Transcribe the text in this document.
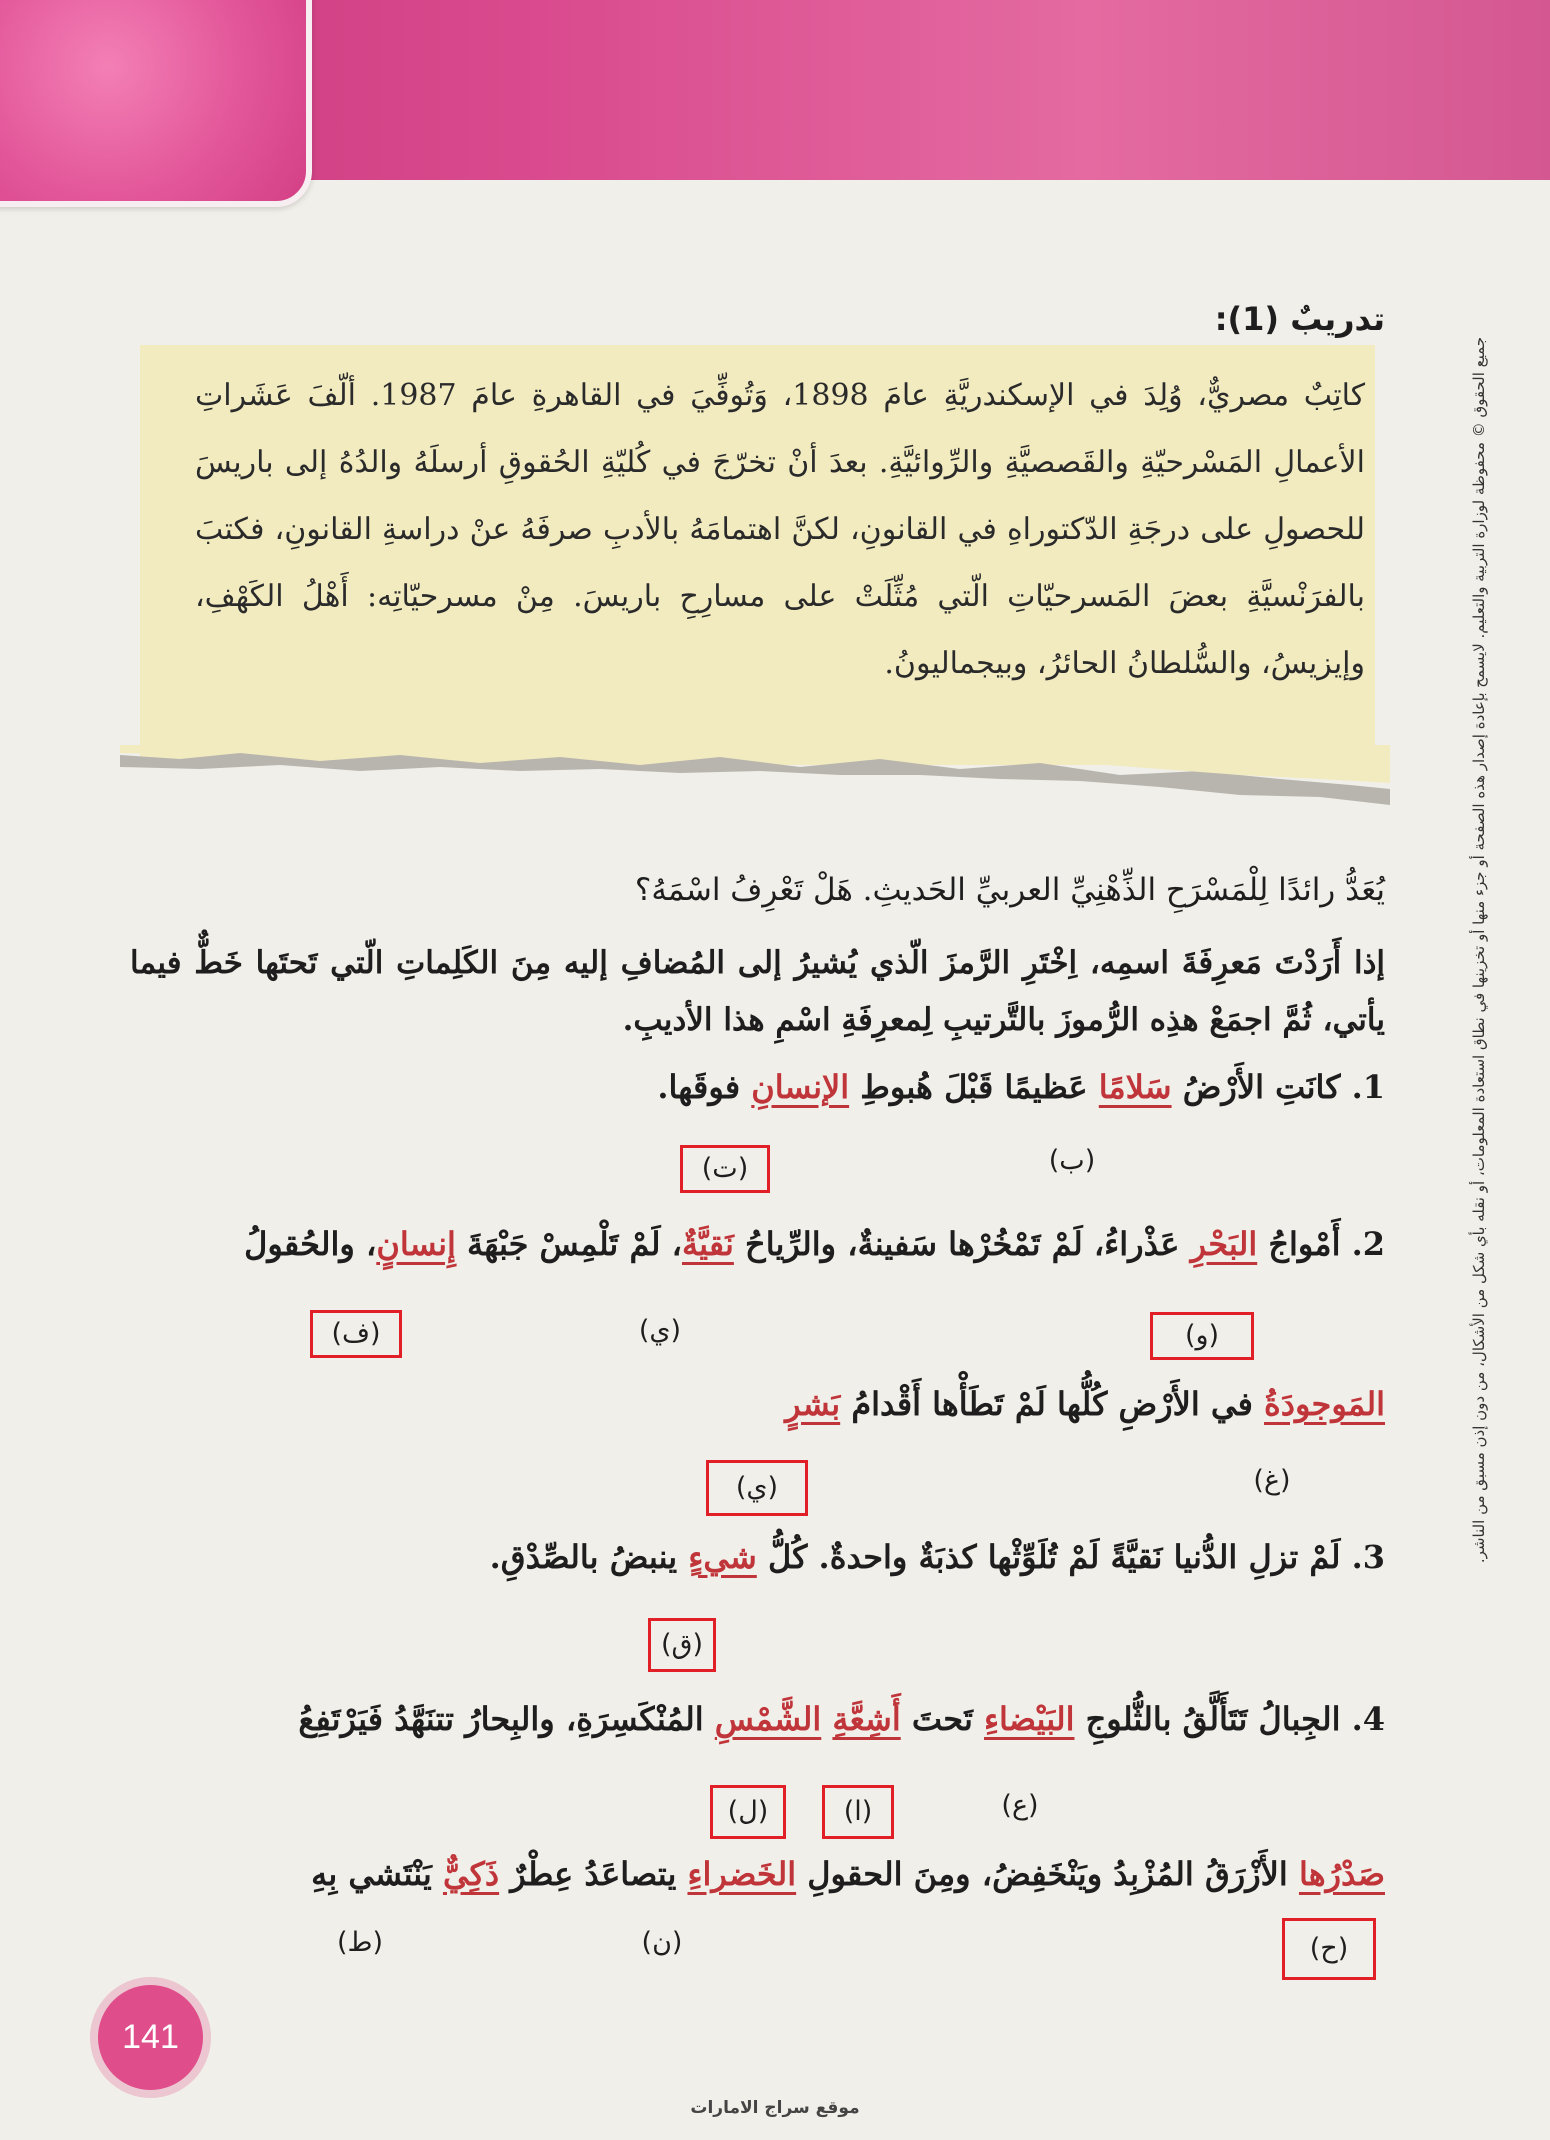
جميع الحقوق © محفوظة لوزارة التربية والتعليم. لايسمح بإعادة إصدار هذه الصفحة أو جزء منها أو تخزينها في نطاق استعادة المعلومات، أو نقله بأي شكل من الأشكال، من دون إذن مسبق من الناشر.
تدريبٌ (1):
كاتِبٌ مصريٌّ، وُلِدَ في الإسكندريَّةِ عامَ 1898، وَتُوفِّيَ في القاهرةِ عامَ 1987. ألّفَ عَشَراتِ الأعمالِ المَسْرحيّةِ والقَصصيَّةِ والرِّوائيَّةِ. بعدَ أنْ تخرّجَ في كُليّةِ الحُقوقِ أرسلَهُ والدُهُ إلى باريسَ للحصولِ على درجَةِ الدّكتوراهِ في القانونِ، لكنَّ اهتمامَهُ بالأدبِ صرفَهُ عنْ دراسةِ القانونِ، فكتبَ بالفرَنْسيَّةِ بعضَ المَسرحيّاتِ الّتي مُثِّلَتْ على مسارِحِ باريسَ. مِنْ مسرحيّاتِه: أَهْلُ الكَهْفِ، وإيزيسُ، والسُّلطانُ الحائرُ، وبيجماليونُ.
يُعَدُّ رائدًا لِلْمَسْرَحِ الذِّهْنِيِّ العربيِّ الحَديثِ. هَلْ تَعْرِفُ اسْمَهُ؟
إذا أَرَدْتَ مَعرِفَةَ اسمِه، اِخْتَرِ الرَّمزَ الّذي يُشيرُ إلى المُضافِ إليه مِنَ الكَلِماتِ الّتي تَحتَها خَطٌّ فيما يأتي، ثُمَّ اجمَعْ هذِه الرُّموزَ بالتَّرتيبِ لِمعرِفَةِ اسْمِ هذا الأديبِ.
1. كانَتِ الأَرْضُ سَلامًا عَظيمًا قَبْلَ هُبوطِ الإنسانِ فوقَها.
(ب)
(ت)
2. أَمْواجُ البَحْرِ عَذْراءُ، لَمْ تَمْخُرْها سَفينةٌ، والرِّياحُ نَقيَّةٌ، لَمْ تَلْمِسْ جَبْهَةَ إِنسانٍ، والحُقولُ
(ف)	(ي)	(و)
المَوجودَةُ في الأَرْضِ كُلُّها لَمْ تَطَأْها أَقْدامُ بَشرٍ
(ي)	(غ)
3. لَمْ تزلِ الدُّنيا نَقيَّةً لَمْ تُلَوِّثْها كذبَةٌ واحدةٌ. كُلُّ شيءٍ ينبضُ بالصِّدْقِ.
(ق)
4. الجِبالُ تَتَأَلَّقُ بالثُّلوجِ البَيْضاءِ تَحتَ أَشِعَّةِ الشَّمْسِ المُنْكَسِرَةِ، والبِحارُ تتنَهَّدُ فَيَرْتَفِعُ
(ل)	(ا)	(ع)
صَدْرُها الأَزْرَقُ المُزْبِدُ ويَنْخَفِضُ، ومِنَ الحقولِ الخَضراءِ يتصاعَدُ عِطْرٌ ذَكِيٌّ يَنْتَشي بِهِ
(ح)
(ن)
(ط)
141
موقع سراج الامارات
